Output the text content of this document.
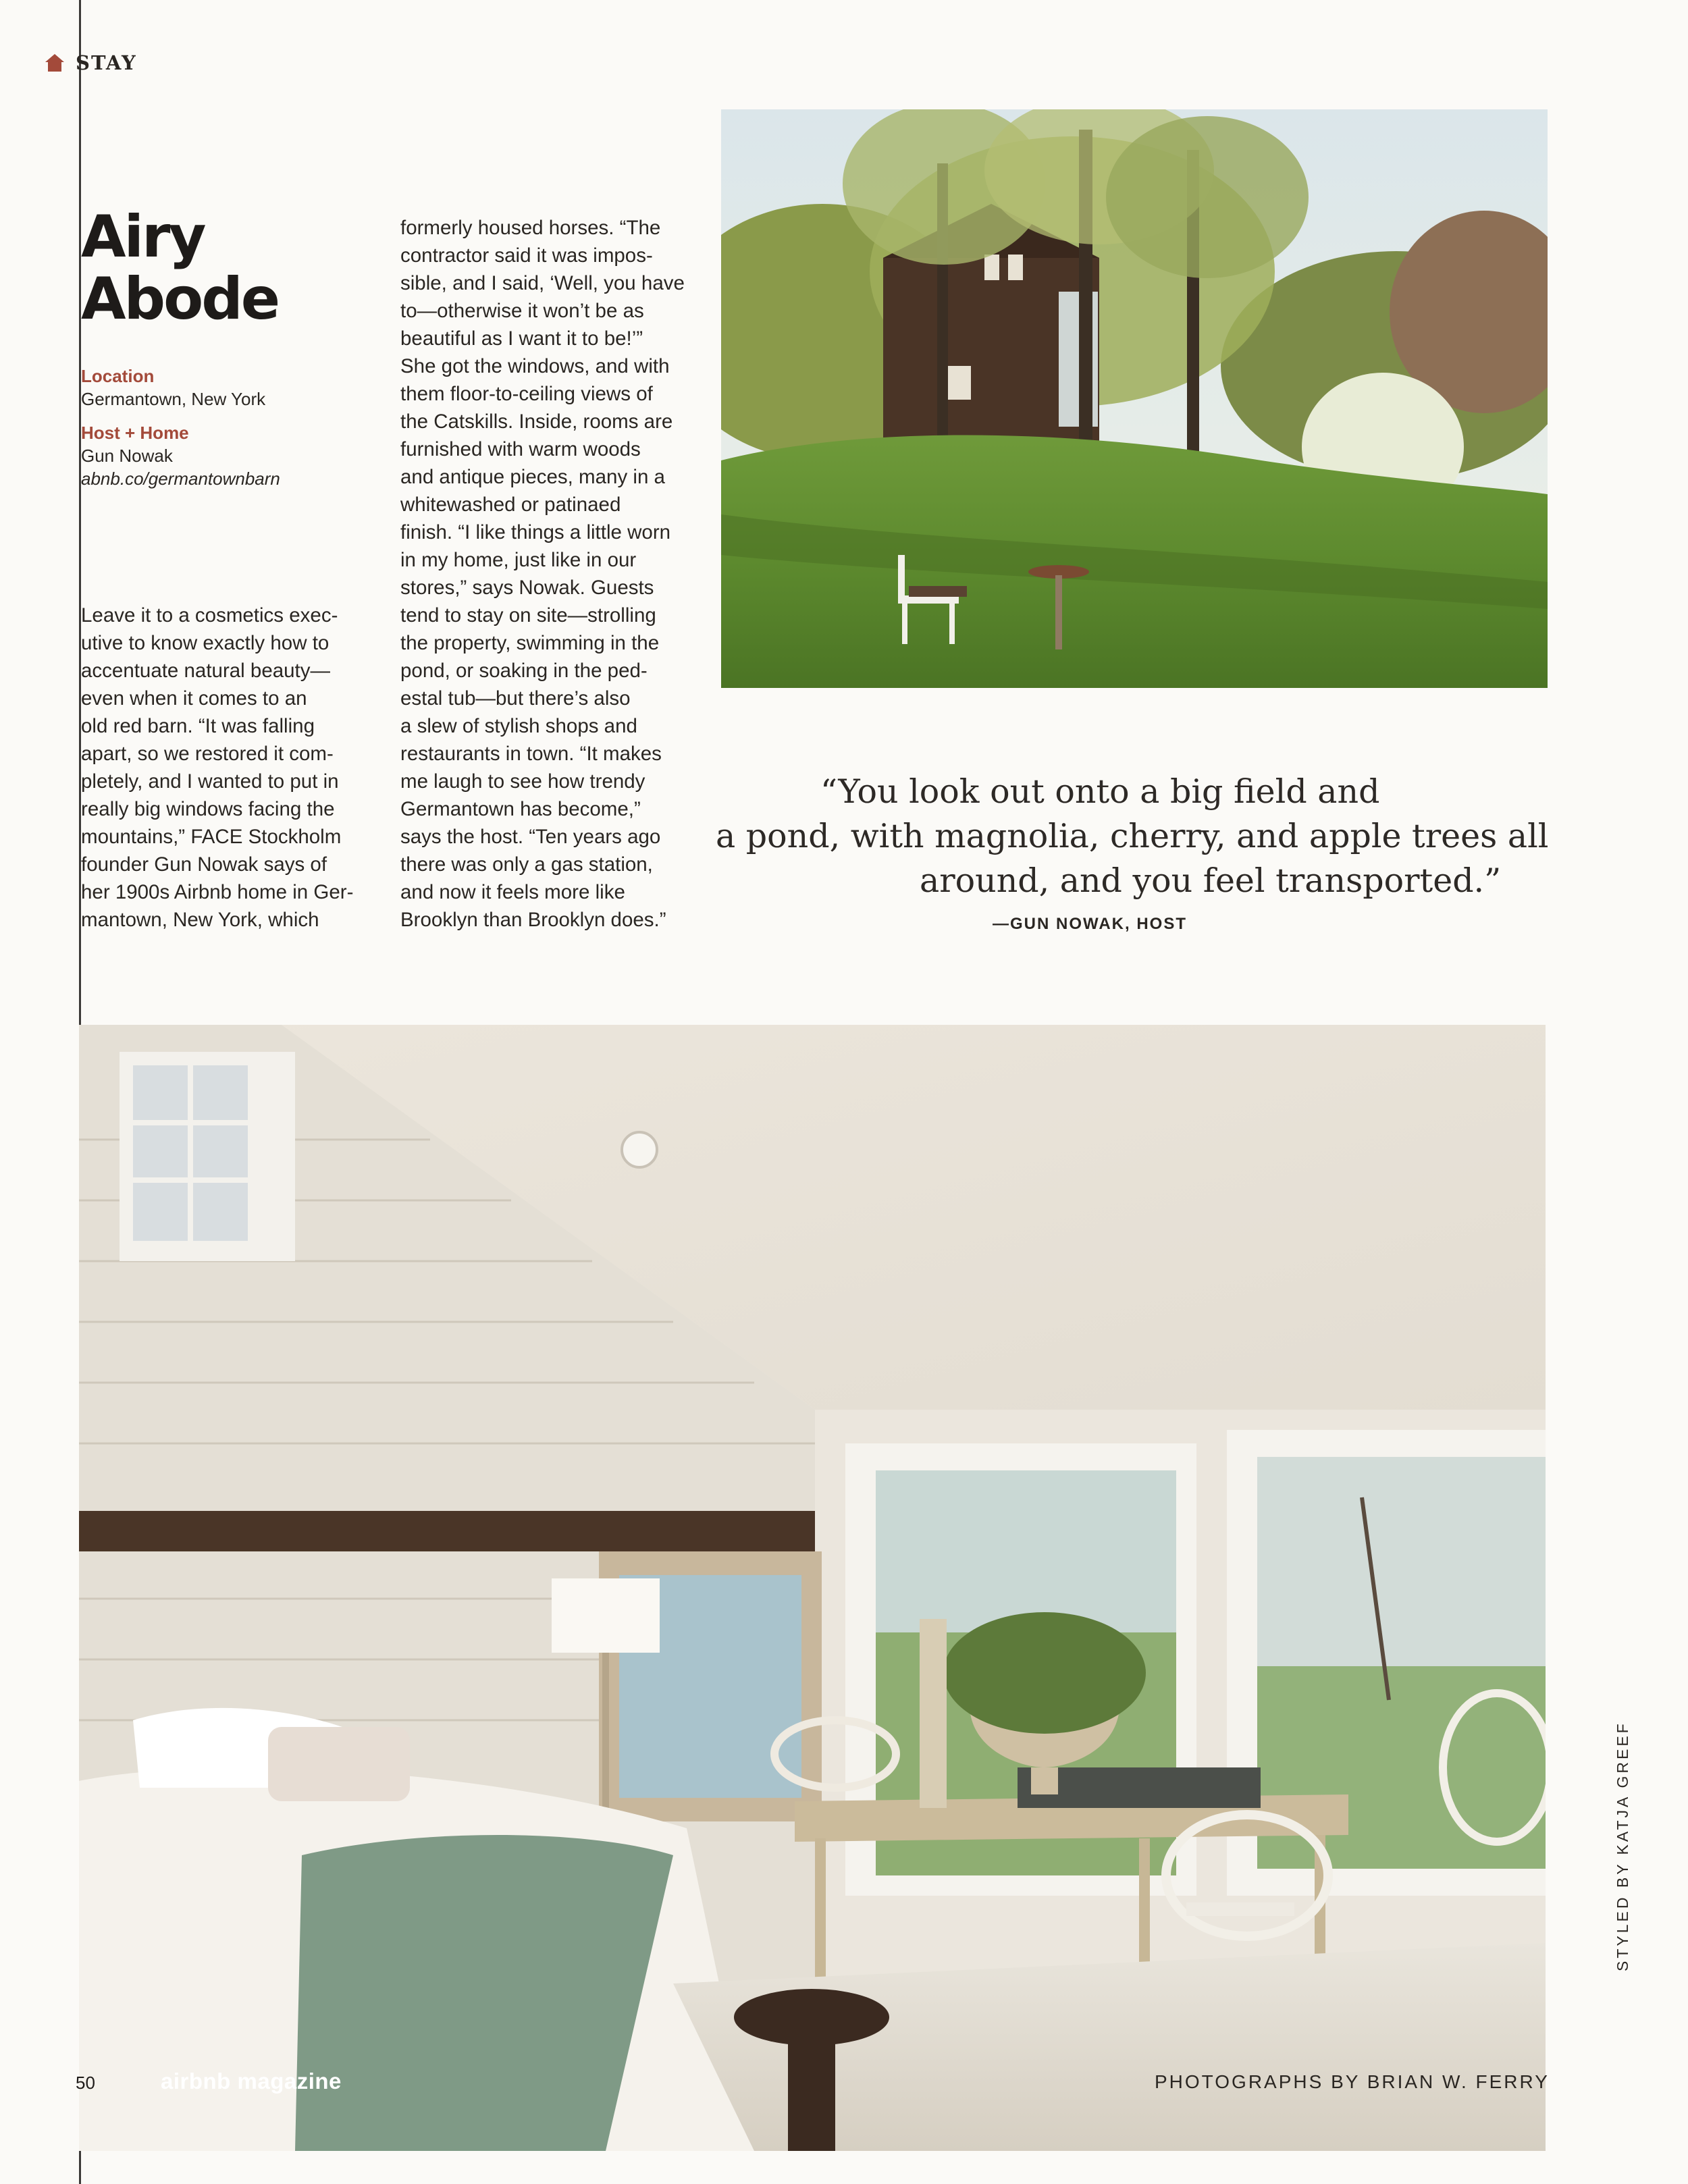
STAY
Airy
Abode
Location
Germantown, New York
Host + Home
Gun Nowak
abnb.co/germantownbarn
Leave it to a cosmetics exec-
utive to know exactly how to
accentuate natural beauty—
even when it comes to an
old red barn. “It was falling
apart, so we restored it com-
pletely, and I wanted to put in
really big windows facing the
mountains,” FACE Stockholm
founder Gun Nowak says of
her 1900s Airbnb home in Ger-
mantown, New York, which
formerly housed horses. “The
contractor said it was impos-
sible, and I said, ‘Well, you have
to—otherwise it won’t be as
beautiful as I want it to be!’”
She got the windows, and with
them floor-to-ceiling views of
the Catskills. Inside, rooms are
furnished with warm woods
and antique pieces, many in a
whitewashed or patinaed
finish. “I like things a little worn
in my home, just like in our
stores,” says Nowak. Guests
tend to stay on site—strolling
the property, swimming in the
pond, or soaking in the ped-
estal tub—but there’s also
a slew of stylish shops and
restaurants in town. “It makes
me laugh to see how trendy
Germantown has become,”
says the host. “Ten years ago
there was only a gas station,
and now it feels more like
Brooklyn than Brooklyn does.”
“You look out onto a big field and
a pond, with magnolia, cherry, and apple trees all
around, and you feel transported.”
—GUN NOWAK, HOST
50	airbnb magazine	PHOTOGRAPHS BY BRIAN W. FERRY
STYLED BY KATJA GREEF
